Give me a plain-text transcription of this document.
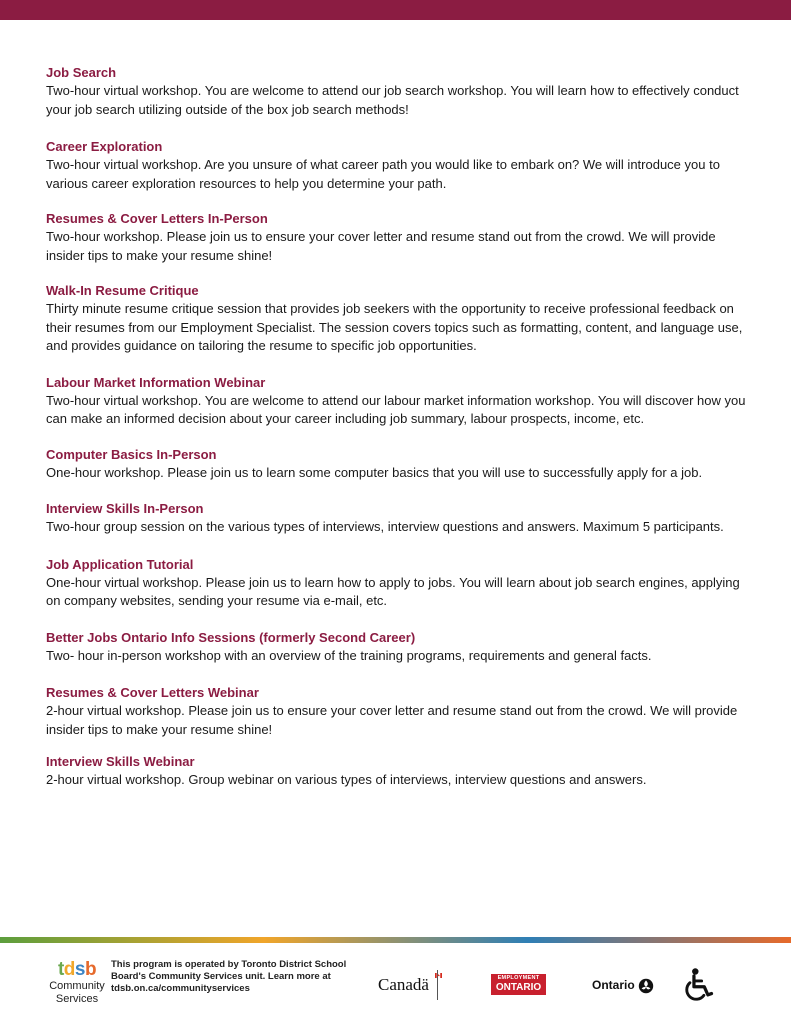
Job Search

Two-hour virtual workshop. You are welcome to attend our job search workshop. You will learn how to effectively conduct your job search utilizing outside of the box job search methods!

Career Exploration

Two-hour virtual workshop. Are you unsure of what career path you would like to embark on? We will introduce you to various career exploration resources to help you determine your path.

Resumes & Cover Letters In-Person

Two-hour workshop. Please join us to ensure your cover letter and resume stand out from the crowd. We will provide insider tips to make your resume shine!

Walk-In Resume Critique

Thirty minute resume critique session that provides job seekers with the opportunity to receive professional feedback on their resumes from our Employment Specialist. The session covers topics such as formatting, content, and language use, and provides guidance on tailoring the resume to specific job opportunities.

Labour Market Information Webinar

Two-hour virtual workshop. You are welcome to attend our labour market information workshop. You will discover how you can make an informed decision about your career including job summary, labour prospects, income, etc.

Computer Basics In-Person

One-hour workshop. Please join us to learn some computer basics that you will use to successfully apply for a job.

Interview Skills In-Person

Two-hour group session on the various types of interviews, interview questions and answers. Maximum 5 participants.

Job Application Tutorial

One-hour virtual workshop. Please join us to learn how to apply to jobs. You will learn about job search engines, applying on company websites, sending your resume via e-mail, etc.

Better Jobs Ontario Info Sessions (formerly Second Career)

Two- hour in-person workshop with an overview of the training programs, requirements and general facts.

Resumes & Cover Letters Webinar

2-hour virtual workshop. Please join us to ensure your cover letter and resume stand out from the crowd. We will provide insider tips to make your resume shine!

Interview Skills Webinar

2-hour virtual workshop. Group webinar on various types of interviews, interview questions and answers.

tdsb
Community
Services
This program is operated by Toronto District School
Board's Community Services unit. Learn more at
tdsb.on.ca/communityservices	Canadä	EMPLOYMENT
ONTARIO	Ontario
